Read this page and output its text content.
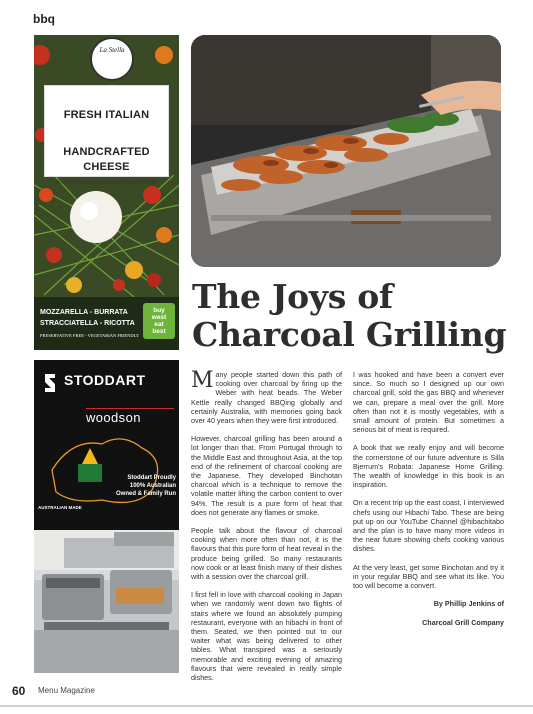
bbq
La Stella
FRESH ITALIAN
HANDCRAFTED CHEESE
MADE FROM 100% LOCAL INGREDIENTS
MOZZARELLA - BURRATA
STRACCIATELLA - RICOTTA
PRESERVATIVE FREE - VEGETARIAN FRIENDLY
buy
west
eat
best
STODDART
woodson
Stoddart Proudly
100% Australian
Owned & Family Run
AUSTRALIAN MADE
The Joys of
Charcoal Grilling

Many people started down this path of cooking over charcoal by firing up the Weber with heat beads. The Weber Kettle really changed BBQing globally and certainly Australia, with memories going back over 40 years when they were first introduced.

However, charcoal grilling has been around a lot longer than that. From Portugal through to the Middle East and throughout Asia, at the top end of the refinement of charcoal cooking are the Japanese. They developed Binchotan charcoal which is a technique to remove the volatile matter lifting the carbon content to over 94%. The result is a pure form of heat that does not generate any flames or smoke.

People talk about the flavour of charcoal cooking when more often than not, it is the flavours that this pure form of heat reveal in the produce being grilled. So many restaurants now cook or at least finish many of their dishes with a session over the charcoal grill.

I first fell in love with charcoal cooking in Japan when we randomly went down two flights of stairs where we found an absolutely pumping restaurant, everyone with an hibachi in front of them. Seated, we then pointed out to our waiter what was being delivered to other tables. What transpired was a seriously memorable and exciting evening of amazing flavours that were revealed in really simple dishes.

I was hooked and have been a convert ever since. So much so I designed up our own charcoal grill, sold the gas BBQ and whenever we can, prepare a meal over the grill. More often than not it is mostly vegetables, with a small amount of protein. But sometimes a serious bit of meat is required.

A book that we really enjoy and will become the cornerstone of our future adventure is Silla Bjerrum's Robata: Japanese Home Grilling. The wealth of knowledge in this book is an inspiration.

On a recent trip up the east coast, I interviewed chefs using our Hibachi Tabo. These are being put up on our YouTube Channel @hibachitabo and the plan is to have many more videos in the near future showing chefs cooking various dishes.

At the very least, get some Binchotan and try it in your regular BBQ and see what its like. You too will become a convert.

By Phillip Jenkins of

Charcoal Grill Company

60 Menu Magazine
